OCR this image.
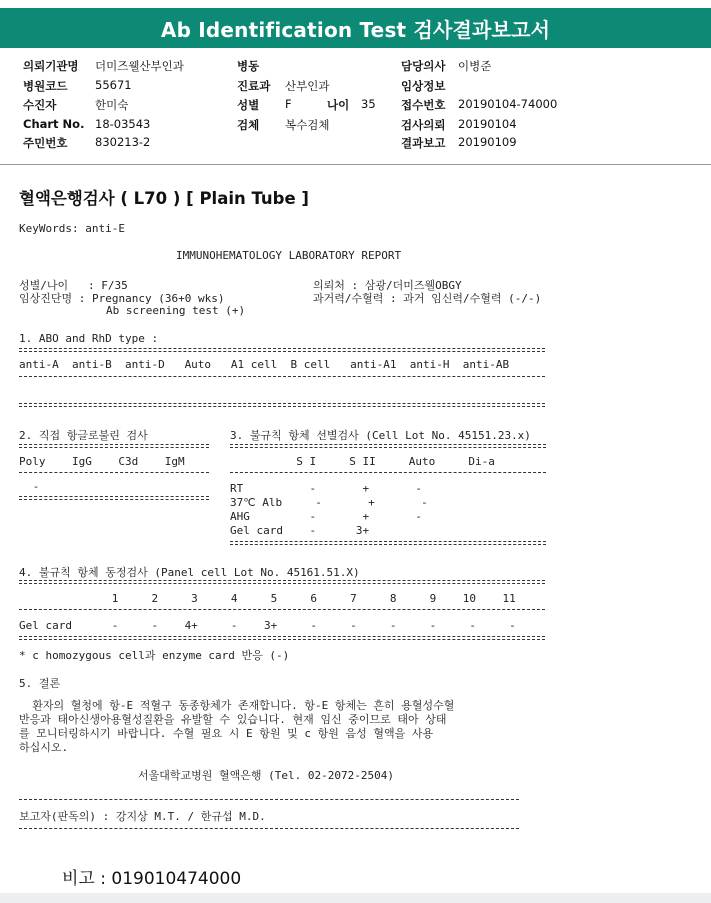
Ab Identification Test 검사결과보고서
의뢰기관명 더미즈웰산부인과
병원코드 55671
수진자	한미숙
Chart No. 18-03543
주민번호 830213-2
병동
진료과 산부인과
성별 F	나이 35
검체 복수검체
담당의사 이병준
임상정보
접수번호 20190104-74000
검사의뢰 20190104
결과보고 20190109
혈액은행검사 ( L70 ) [ Plain Tube ]
KeyWords: anti-E
IMMUNOHEMATOLOGY LABORATORY REPORT
성별/나이   : F/35
임상진단명 : Pregnancy (36+0 wks)
Ab screening test (+)
의뢰처 : 삼광/더미즈웰OBGY
과거력/수혈력 : 과거 임신력/수혈력 (-/-)
1. ABO and RhD type :
anti-A  anti-B  anti-D   Auto   A1 cell  B cell   anti-A1  anti-H  anti-AB
2. 직접 항글로불린 검사
Poly    IgG    C3d    IgM
-
3. 불규칙 항체 선별검사 (Cell Lot No. 45151.23.x)
S I     S II     Auto     Di-a
RT          -       +       -
37℃ Alb     -       +       -
AHG         -       +       -
Gel card    -      3+
4. 불규칙 항체 동정검사 (Panel cell Lot No. 45161.51.X)
1     2     3     4     5     6     7     8     9    10    11
Gel card      -     -    4+     -    3+     -     -     -     -     -     -
* c homozygous cell과 enzyme card 반응 (-)
5. 결론
환자의 혈청에 항-E 적혈구 동종항체가 존재합니다. 항-E 항체는 흔히 용혈성수혈
반응과 태아신생아용혈성질환을 유발할 수 있습니다. 현재 임신 중이므로 태아 상태
를 모니터링하시기 바랍니다. 수혈 필요 시 E 항원 및 c 항원 음성 혈액을 사용
하십시오.
서울대학교병원 혈액은행 (Tel. 02-2072-2504)
보고자(판독의) : 강지상 M.T. / 한규섭 M.D.
비고 : 019010474000
